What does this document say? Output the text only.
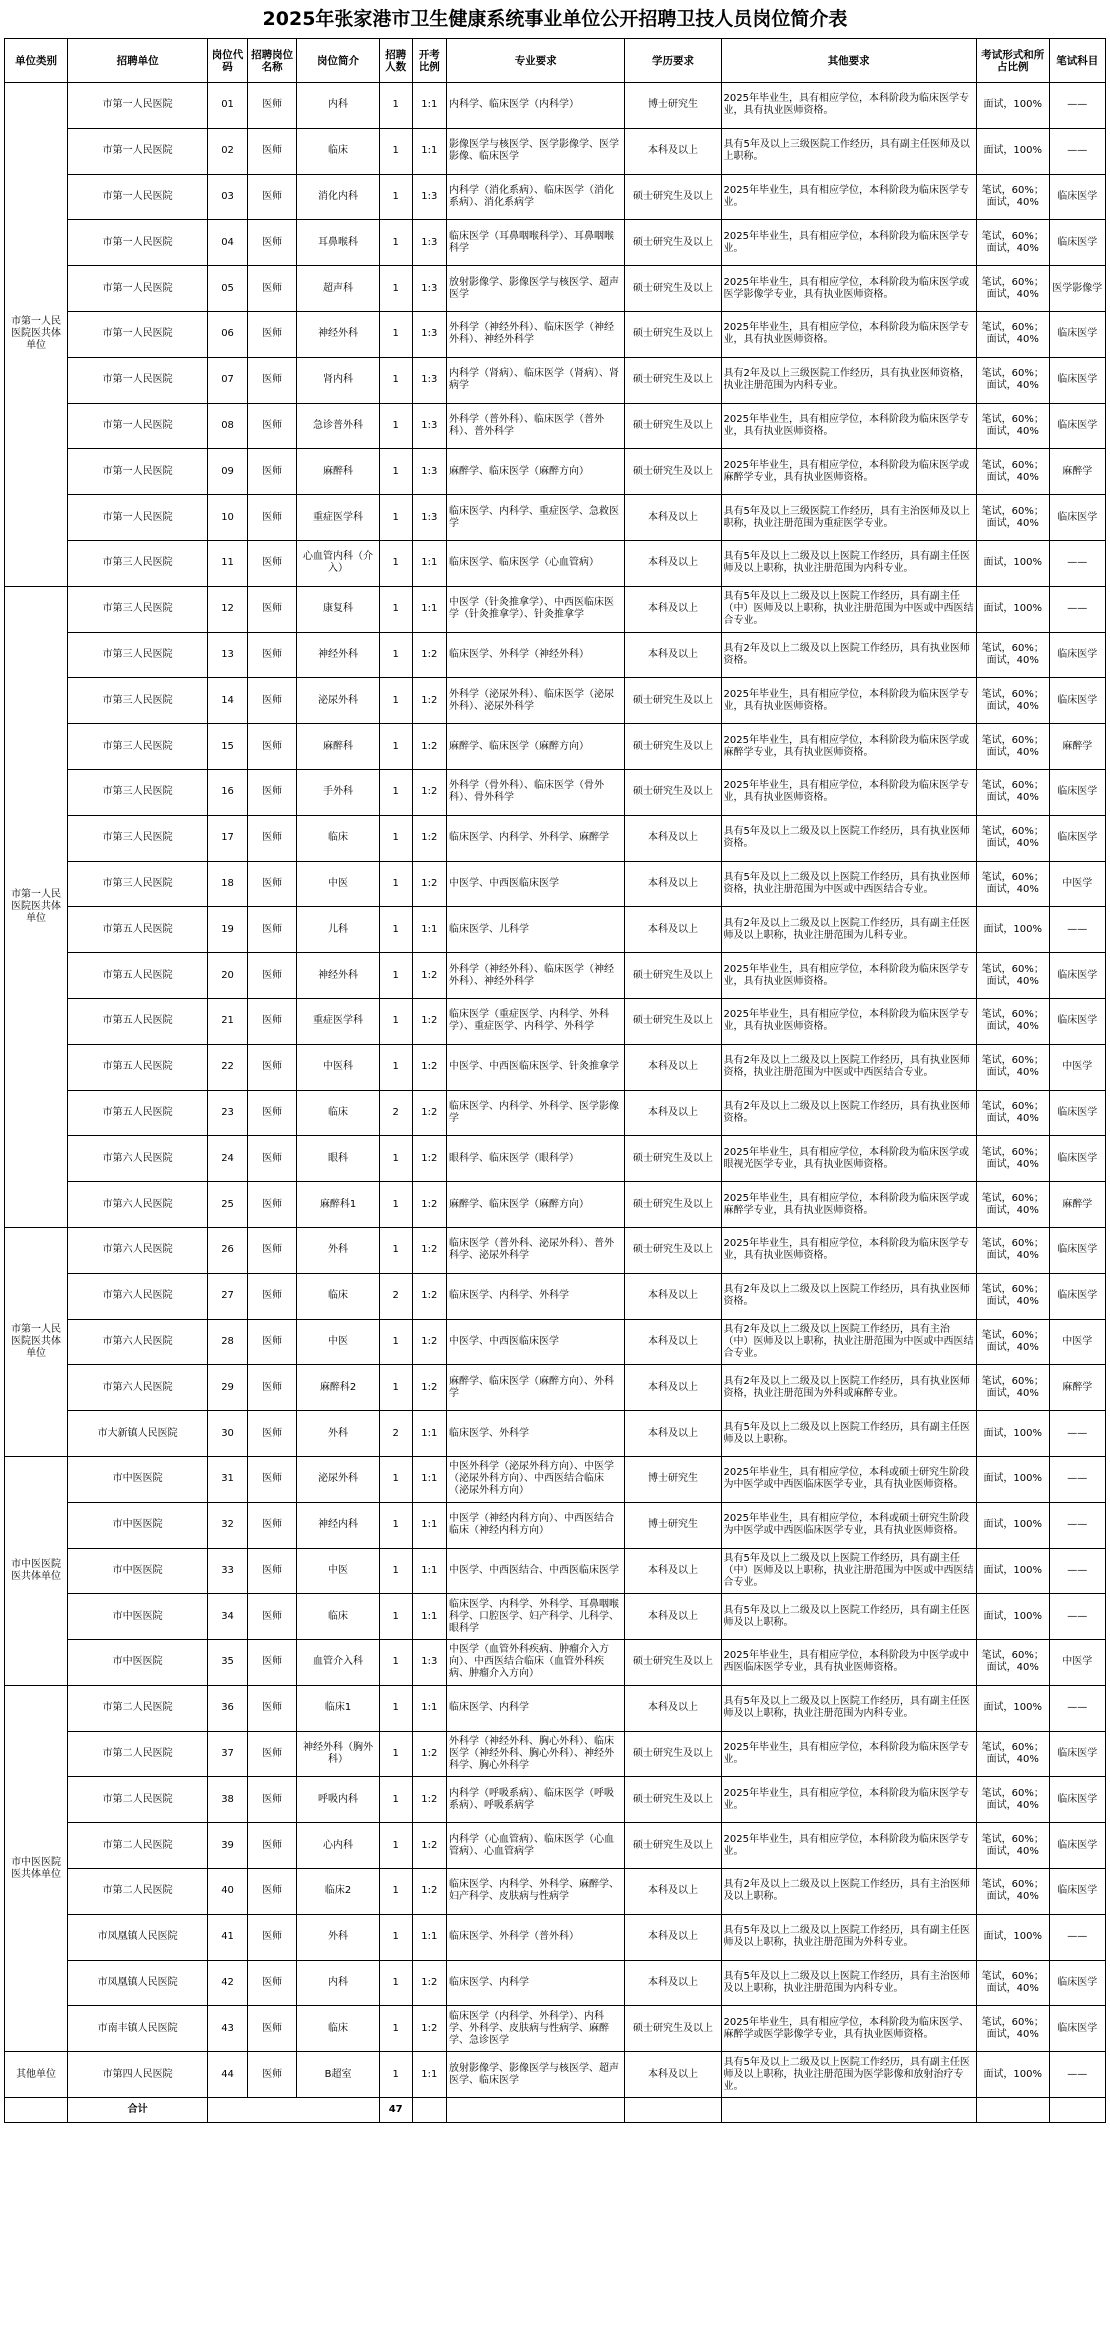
2025年张家港市卫生健康系统事业单位公开招聘卫技人员岗位简介表
单位类别	招聘单位	岗位代码	招聘岗位名称	岗位简介	招聘人数	开考比例	专业要求	学历要求	其他要求	考试形式和所占比例	笔试科目
市第一人民医院医共体单位	市第一人民医院	01	医师	内科	1	1:1	内科学、临床医学（内科学）	博士研究生	2025年毕业生，具有相应学位，本科阶段为临床医学专业，具有执业医师资格。	面试，100%	——
	市第一人民医院	02	医师	临床	1	1:1	影像医学与核医学、医学影像学、医学影像、临床医学	本科及以上	具有5年及以上三级医院工作经历，具有副主任医师及以上职称。	面试，100%	——
	市第一人民医院	03	医师	消化内科	1	1:3	内科学（消化系病）、临床医学（消化系病）、消化系病学	硕士研究生及以上	2025年毕业生，具有相应学位，本科阶段为临床医学专业。	笔试，60%；面试，40%	临床医学
	市第一人民医院	04	医师	耳鼻喉科	1	1:3	临床医学（耳鼻咽喉科学）、耳鼻咽喉科学	硕士研究生及以上	2025年毕业生，具有相应学位，本科阶段为临床医学专业。	笔试，60%；面试，40%	临床医学
	市第一人民医院	05	医师	超声科	1	1:3	放射影像学、影像医学与核医学、超声医学	硕士研究生及以上	2025年毕业生，具有相应学位，本科阶段为临床医学或医学影像学专业，具有执业医师资格。	笔试，60%；面试，40%	医学影像学
	市第一人民医院	06	医师	神经外科	1	1:3	外科学（神经外科）、临床医学（神经外科）、神经外科学	硕士研究生及以上	2025年毕业生，具有相应学位，本科阶段为临床医学专业，具有执业医师资格。	笔试，60%；面试，40%	临床医学
	市第一人民医院	07	医师	肾内科	1	1:3	内科学（肾病）、临床医学（肾病）、肾病学	硕士研究生及以上	具有2年及以上三级医院工作经历，具有执业医师资格，执业注册范围为内科专业。	笔试，60%；面试，40%	临床医学
	市第一人民医院	08	医师	急诊普外科	1	1:3	外科学（普外科）、临床医学（普外科）、普外科学	硕士研究生及以上	2025年毕业生，具有相应学位，本科阶段为临床医学专业，具有执业医师资格。	笔试，60%；面试，40%	临床医学
	市第一人民医院	09	医师	麻醉科	1	1:3	麻醉学、临床医学（麻醉方向）	硕士研究生及以上	2025年毕业生，具有相应学位，本科阶段为临床医学或麻醉学专业，具有执业医师资格。	笔试，60%；面试，40%	麻醉学
	市第一人民医院	10	医师	重症医学科	1	1:3	临床医学、内科学、重症医学、急救医学	本科及以上	具有5年及以上三级医院工作经历，具有主治医师及以上职称，执业注册范围为重症医学专业。	笔试，60%；面试，40%	临床医学
	市第三人民医院	11	医师	心血管内科（介入）	1	1:1	临床医学、临床医学（心血管病）	本科及以上	具有5年及以上二级及以上医院工作经历，具有副主任医师及以上职称，执业注册范围为内科专业。	面试，100%	——
市第一人民医院医共体单位	市第三人民医院	12	医师	康复科	1	1:1	中医学（针灸推拿学）、中西医临床医学（针灸推拿学）、针灸推拿学	本科及以上	具有5年及以上二级及以上医院工作经历，具有副主任（中）医师及以上职称，执业注册范围为中医或中西医结合专业。	面试，100%	——
	市第三人民医院	13	医师	神经外科	1	1:2	临床医学、外科学（神经外科）	本科及以上	具有2年及以上二级及以上医院工作经历，具有执业医师资格。	笔试，60%；面试，40%	临床医学
	市第三人民医院	14	医师	泌尿外科	1	1:2	外科学（泌尿外科）、临床医学（泌尿外科）、泌尿外科学	硕士研究生及以上	2025年毕业生，具有相应学位，本科阶段为临床医学专业，具有执业医师资格。	笔试，60%；面试，40%	临床医学
	市第三人民医院	15	医师	麻醉科	1	1:2	麻醉学、临床医学（麻醉方向）	硕士研究生及以上	2025年毕业生，具有相应学位，本科阶段为临床医学或麻醉学专业，具有执业医师资格。	笔试，60%；面试，40%	麻醉学
	市第三人民医院	16	医师	手外科	1	1:2	外科学（骨外科）、临床医学（骨外科）、骨外科学	硕士研究生及以上	2025年毕业生，具有相应学位，本科阶段为临床医学专业，具有执业医师资格。	笔试，60%；面试，40%	临床医学
	市第三人民医院	17	医师	临床	1	1:2	临床医学、内科学、外科学、麻醉学	本科及以上	具有5年及以上二级及以上医院工作经历，具有执业医师资格。	笔试，60%；面试，40%	临床医学
	市第三人民医院	18	医师	中医	1	1:2	中医学、中西医临床医学	本科及以上	具有5年及以上二级及以上医院工作经历，具有执业医师资格，执业注册范围为中医或中西医结合专业。	笔试，60%；面试，40%	中医学
	市第五人民医院	19	医师	儿科	1	1:1	临床医学、儿科学	本科及以上	具有2年及以上二级及以上医院工作经历，具有副主任医师及以上职称，执业注册范围为儿科专业。	面试，100%	——
	市第五人民医院	20	医师	神经外科	1	1:2	外科学（神经外科）、临床医学（神经外科）、神经外科学	硕士研究生及以上	2025年毕业生，具有相应学位，本科阶段为临床医学专业，具有执业医师资格。	笔试，60%；面试，40%	临床医学
	市第五人民医院	21	医师	重症医学科	1	1:2	临床医学（重症医学、内科学、外科学）、重症医学、内科学、外科学	硕士研究生及以上	2025年毕业生，具有相应学位，本科阶段为临床医学专业，具有执业医师资格。	笔试，60%；面试，40%	临床医学
	市第五人民医院	22	医师	中医科	1	1:2	中医学、中西医临床医学、针灸推拿学	本科及以上	具有2年及以上二级及以上医院工作经历，具有执业医师资格，执业注册范围为中医或中西医结合专业。	笔试，60%；面试，40%	中医学
	市第五人民医院	23	医师	临床	2	1:2	临床医学、内科学、外科学、医学影像学	本科及以上	具有2年及以上二级及以上医院工作经历，具有执业医师资格。	笔试，60%；面试，40%	临床医学
	市第六人民医院	24	医师	眼科	1	1:2	眼科学、临床医学（眼科学）	硕士研究生及以上	2025年毕业生，具有相应学位，本科阶段为临床医学或眼视光医学专业，具有执业医师资格。	笔试，60%；面试，40%	临床医学
	市第六人民医院	25	医师	麻醉科1	1	1:2	麻醉学、临床医学（麻醉方向）	硕士研究生及以上	2025年毕业生，具有相应学位，本科阶段为临床医学或麻醉学专业，具有执业医师资格。	笔试，60%；面试，40%	麻醉学
市第一人民医院医共体单位	市第六人民医院	26	医师	外科	1	1:2	临床医学（普外科、泌尿外科）、普外科学、泌尿外科学	硕士研究生及以上	2025年毕业生，具有相应学位，本科阶段为临床医学专业，具有执业医师资格。	笔试，60%；面试，40%	临床医学
	市第六人民医院	27	医师	临床	2	1:2	临床医学、内科学、外科学	本科及以上	具有2年及以上二级及以上医院工作经历，具有执业医师资格。	笔试，60%；面试，40%	临床医学
	市第六人民医院	28	医师	中医	1	1:2	中医学、中西医临床医学	本科及以上	具有2年及以上二级及以上医院工作经历，具有主治（中）医师及以上职称，执业注册范围为中医或中西医结合专业。	笔试，60%；面试，40%	中医学
	市第六人民医院	29	医师	麻醉科2	1	1:2	麻醉学、临床医学（麻醉方向）、外科学	本科及以上	具有2年及以上二级及以上医院工作经历，具有执业医师资格，执业注册范围为外科或麻醉专业。	笔试，60%；面试，40%	麻醉学
	市大新镇人民医院	30	医师	外科	2	1:1	临床医学、外科学	本科及以上	具有5年及以上二级及以上医院工作经历，具有副主任医师及以上职称。	面试，100%	——
市中医医院医共体单位	市中医医院	31	医师	泌尿外科	1	1:1	中医外科学（泌尿外科方向）、中医学（泌尿外科方向）、中西医结合临床（泌尿外科方向）	博士研究生	2025年毕业生，具有相应学位，本科或硕士研究生阶段为中医学或中西医临床医学专业，具有执业医师资格。	面试，100%	——
	市中医医院	32	医师	神经内科	1	1:1	中医学（神经内科方向）、中西医结合临床（神经内科方向）	博士研究生	2025年毕业生，具有相应学位，本科或硕士研究生阶段为中医学或中西医临床医学专业，具有执业医师资格。	面试，100%	——
	市中医医院	33	医师	中医	1	1:1	中医学、中西医结合、中西医临床医学	本科及以上	具有5年及以上二级及以上医院工作经历，具有副主任（中）医师及以上职称，执业注册范围为中医或中西医结合专业。	面试，100%	——
	市中医医院	34	医师	临床	1	1:1	临床医学、内科学、外科学、耳鼻咽喉科学、口腔医学、妇产科学、儿科学、眼科学	本科及以上	具有5年及以上二级及以上医院工作经历，具有副主任医师及以上职称。	面试，100%	——
	市中医医院	35	医师	血管介入科	1	1:3	中医学（血管外科疾病、肿瘤介入方向）、中西医结合临床（血管外科疾病、肿瘤介入方向）	硕士研究生及以上	2025年毕业生，具有相应学位，本科阶段为中医学或中西医临床医学专业，具有执业医师资格。	笔试，60%；面试，40%	中医学
市中医医院医共体单位	市第二人民医院	36	医师	临床1	1	1:1	临床医学、内科学	本科及以上	具有5年及以上二级及以上医院工作经历，具有副主任医师及以上职称，执业注册范围为内科专业。	面试，100%	——
	市第二人民医院	37	医师	神经外科（胸外科）	1	1:2	外科学（神经外科、胸心外科）、临床医学（神经外科、胸心外科）、神经外科学、胸心外科学	硕士研究生及以上	2025年毕业生，具有相应学位，本科阶段为临床医学专业。	笔试，60%；面试，40%	临床医学
	市第二人民医院	38	医师	呼吸内科	1	1:2	内科学（呼吸系病）、临床医学（呼吸系病）、呼吸系病学	硕士研究生及以上	2025年毕业生，具有相应学位，本科阶段为临床医学专业。	笔试，60%；面试，40%	临床医学
	市第二人民医院	39	医师	心内科	1	1:2	内科学（心血管病）、临床医学（心血管病）、心血管病学	硕士研究生及以上	2025年毕业生，具有相应学位，本科阶段为临床医学专业。	笔试，60%；面试，40%	临床医学
	市第二人民医院	40	医师	临床2	1	1:2	临床医学、内科学、外科学、麻醉学、妇产科学、皮肤病与性病学	本科及以上	具有2年及以上二级及以上医院工作经历，具有主治医师及以上职称。	笔试，60%；面试，40%	临床医学
	市凤凰镇人民医院	41	医师	外科	1	1:1	临床医学、外科学（普外科）	本科及以上	具有5年及以上二级及以上医院工作经历，具有副主任医师及以上职称，执业注册范围为外科专业。	面试，100%	——
	市凤凰镇人民医院	42	医师	内科	1	1:2	临床医学、内科学	本科及以上	具有5年及以上二级及以上医院工作经历，具有主治医师及以上职称，执业注册范围为内科专业。	笔试，60%；面试，40%	临床医学
	市南丰镇人民医院	43	医师	临床	1	1:2	临床医学（内科学、外科学）、内科学、外科学、皮肤病与性病学、麻醉学、急诊医学	硕士研究生及以上	2025年毕业生，具有相应学位，本科阶段为临床医学、麻醉学或医学影像学专业，具有执业医师资格。	笔试，60%；面试，40%	临床医学
其他单位	市第四人民医院	44	医师	B超室	1	1:1	放射影像学、影像医学与核医学、超声医学、临床医学	本科及以上	具有5年及以上二级及以上医院工作经历，具有副主任医师及以上职称，执业注册范围为医学影像和放射治疗专业。	面试，100%	——
	合计				47						
